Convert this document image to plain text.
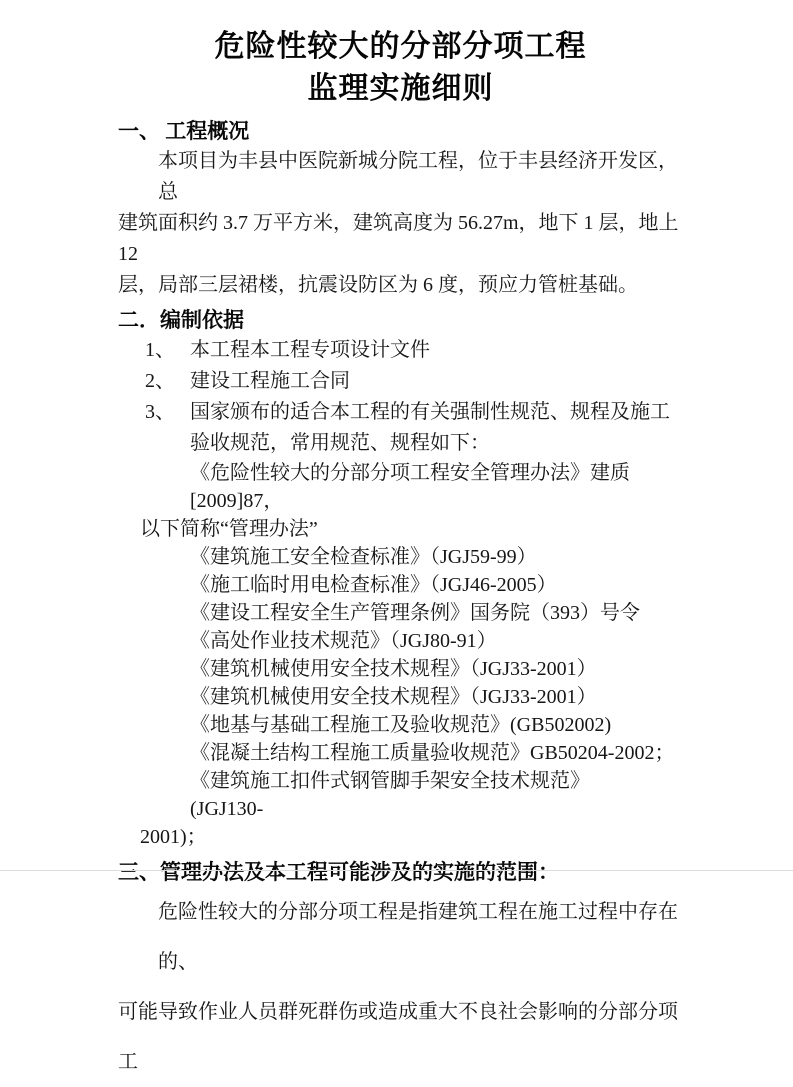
危险性较大的分部分项工程
监理实施细则
一、 工程概况
本项目为丰县中医院新城分院工程，位于丰县经济开发区，总
建筑面积约 3.7 万平方米，建筑高度为 56.27m，地下 1 层，地上 12
层，局部三层裙楼，抗震设防区为 6 度，预应力管桩基础。
二．编制依据
1、 本工程本工程专项设计文件
2、 建设工程施工合同
3、 国家颁布的适合本工程的有关强制性规范、规程及施工验收规范，常用规范、规程如下：
《危险性较大的分部分项工程安全管理办法》建质[2009]87，
以下简称“管理办法”
《建筑施工安全检查标准》（JGJ59-99）
《施工临时用电检查标准》（JGJ46-2005）
《建设工程安全生产管理条例》国务院（393）号令
《高处作业技术规范》（JGJ80-91）
《建筑机械使用安全技术规程》（JGJ33-2001）
《建筑机械使用安全技术规程》（JGJ33-2001）
《地基与基础工程施工及验收规范》(GB502002)
《混凝土结构工程施工质量验收规范》GB50204-2002；
《建筑施工扣件式钢管脚手架安全技术规范》　　(JGJ130-
2001)；
三、管理办法及本工程可能涉及的实施的范围：
危险性较大的分部分项工程是指建筑工程在施工过程中存在的、
可能导致作业人员群死群伤或造成重大不良社会影响的分部分项工
